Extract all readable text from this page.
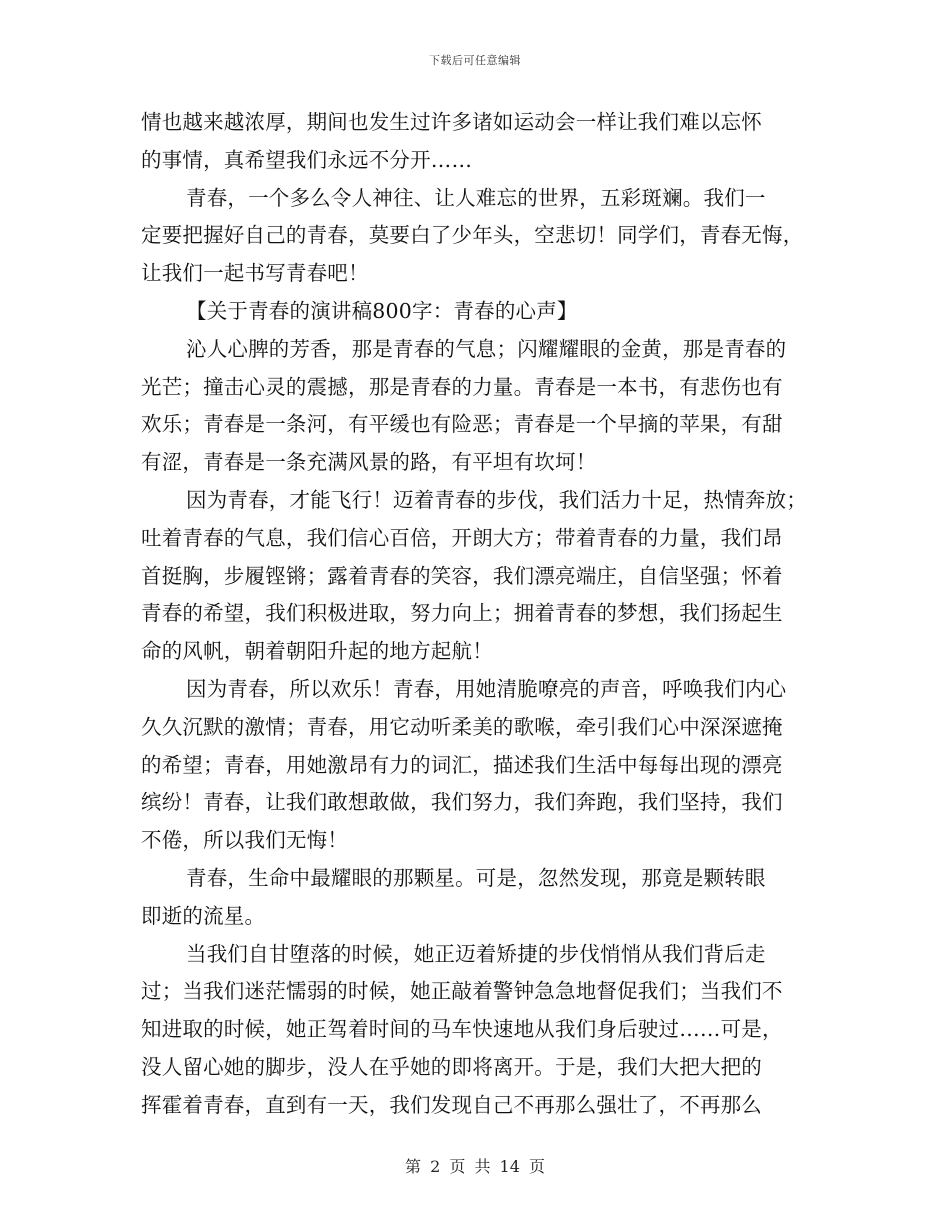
下载后可任意编辑
情也越来越浓厚，期间也发生过许多诸如运动会一样让我们难以忘怀
的事情，真希望我们永远不分开……
青春，一个多么令人神往、让人难忘的世界，五彩斑斓。我们一
定要把握好自己的青春，莫要白了少年头，空悲切！同学们，青春无悔，
让我们一起书写青春吧！
【关于青春的演讲稿800字：青春的心声】
沁人心脾的芳香，那是青春的气息；闪耀耀眼的金黄，那是青春的
光芒；撞击心灵的震撼，那是青春的力量。青春是一本书，有悲伤也有
欢乐；青春是一条河，有平缓也有险恶；青春是一个早摘的苹果，有甜
有涩，青春是一条充满风景的路，有平坦有坎坷！
因为青春，才能飞行！迈着青春的步伐，我们活力十足，热情奔放；
吐着青春的气息，我们信心百倍，开朗大方；带着青春的力量，我们昂
首挺胸，步履铿锵；露着青春的笑容，我们漂亮端庄，自信坚强；怀着
青春的希望，我们积极进取，努力向上；拥着青春的梦想，我们扬起生
命的风帆，朝着朝阳升起的地方起航！
因为青春，所以欢乐！青春，用她清脆嘹亮的声音，呼唤我们内心
久久沉默的激情；青春，用它动听柔美的歌喉，牵引我们心中深深遮掩
的希望；青春，用她激昂有力的词汇，描述我们生活中每每出现的漂亮
缤纷！青春，让我们敢想敢做，我们努力，我们奔跑，我们坚持，我们
不倦，所以我们无悔！
青春，生命中最耀眼的那颗星。可是，忽然发现，那竟是颗转眼
即逝的流星。
当我们自甘堕落的时候，她正迈着矫捷的步伐悄悄从我们背后走
过；当我们迷茫懦弱的时候，她正敲着警钟急急地督促我们；当我们不
知进取的时候，她正驾着时间的马车快速地从我们身后驶过……可是，
没人留心她的脚步，没人在乎她的即将离开。于是，我们大把大把的
挥霍着青春，直到有一天，我们发现自己不再那么强壮了，不再那么
第 2 页 共 14 页
